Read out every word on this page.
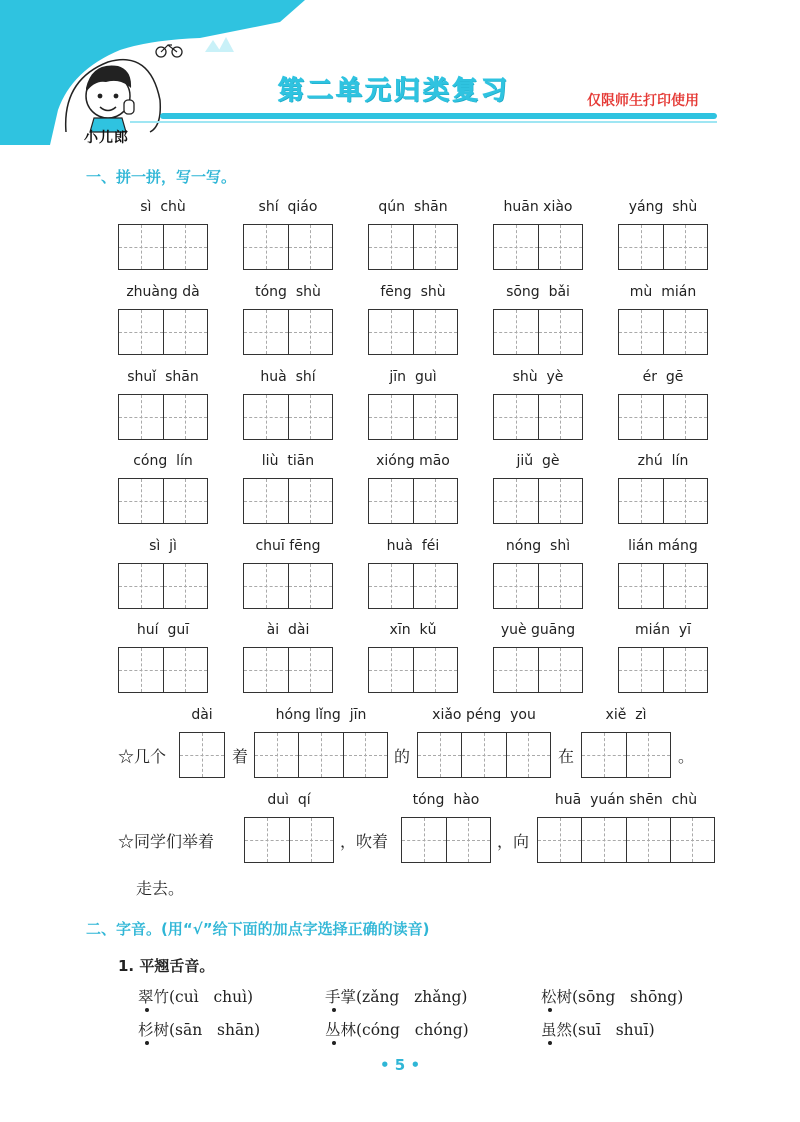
小儿郎
第二单元归类复习	仅限师生打印使用
一、拼一拼，写一写。
sì  chù	shí  qiáo	qún  shān	huān xiào	yáng  shù
zhuàng dà	tóng  shù	fēng  shù	sōng  bǎi	mù  mián
shuǐ  shān	huà  shí	jīn  guì	shù  yè	ér  gē
cóng  lín	liù  tiān	xióng māo	jiǔ  gè	zhú  lín
sì  jì	chuī fēng	huà  féi	nóng  shì	lián máng
huí  guī	ài  dài	xīn  kǔ	yuè guāng	mián  yī
dài	hóng lǐng  jīn	xiǎo péng  you	xiě  zì
☆几个	着	的	在	。
duì  qí	tóng  hào	huā  yuán shēn  chù
☆同学们举着	，吹着	，向
走去。
二、字音。(用“√”给下面的加点字选择正确的读音)
1. 平翘舌音。
翠竹(cuì   chuì)	手掌(zǎng   zhǎng)	松树(sōng   shōng)
杉树(sān   shān)	丛林(cóng   chóng)	虽然(suī   shuī)
• 5 •
